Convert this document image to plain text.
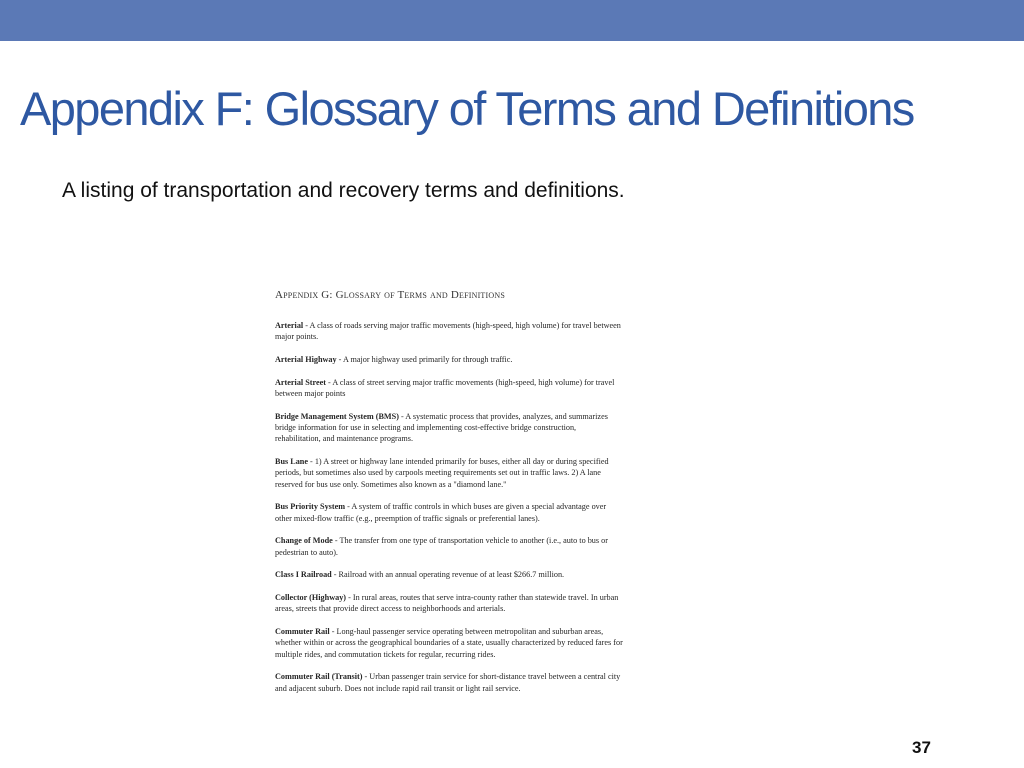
Appendix F: Glossary of Terms and Definitions

A listing of transportation and recovery terms and definitions.

Appendix G: Glossary of Terms and Definitions

Arterial - A class of roads serving major traffic movements (high-speed, high volume) for travel between
major points.

Arterial Highway - A major highway used primarily for through traffic.

Arterial Street - A class of street serving major traffic movements (high-speed, high volume) for travel
between major points

Bridge Management System (BMS) - A systematic process that provides, analyzes, and summarizes
bridge information for use in selecting and implementing cost-effective bridge construction,
rehabilitation, and maintenance programs.

Bus Lane - 1) A street or highway lane intended primarily for buses, either all day or during specified
periods, but sometimes also used by carpools meeting requirements set out in traffic laws. 2) A lane
reserved for bus use only. Sometimes also known as a "diamond lane."

Bus Priority System - A system of traffic controls in which buses are given a special advantage over
other mixed-flow traffic (e.g., preemption of traffic signals or preferential lanes).

Change of Mode - The transfer from one type of transportation vehicle to another (i.e., auto to bus or
pedestrian to auto).

Class I Railroad - Railroad with an annual operating revenue of at least $266.7 million.

Collector (Highway) - In rural areas, routes that serve intra-county rather than statewide travel. In urban
areas, streets that provide direct access to neighborhoods and arterials.

Commuter Rail - Long-haul passenger service operating between metropolitan and suburban areas,
whether within or across the geographical boundaries of a state, usually characterized by reduced fares for
multiple rides, and commutation tickets for regular, recurring rides.

Commuter Rail (Transit) - Urban passenger train service for short-distance travel between a central city
and adjacent suburb. Does not include rapid rail transit or light rail service.

37
